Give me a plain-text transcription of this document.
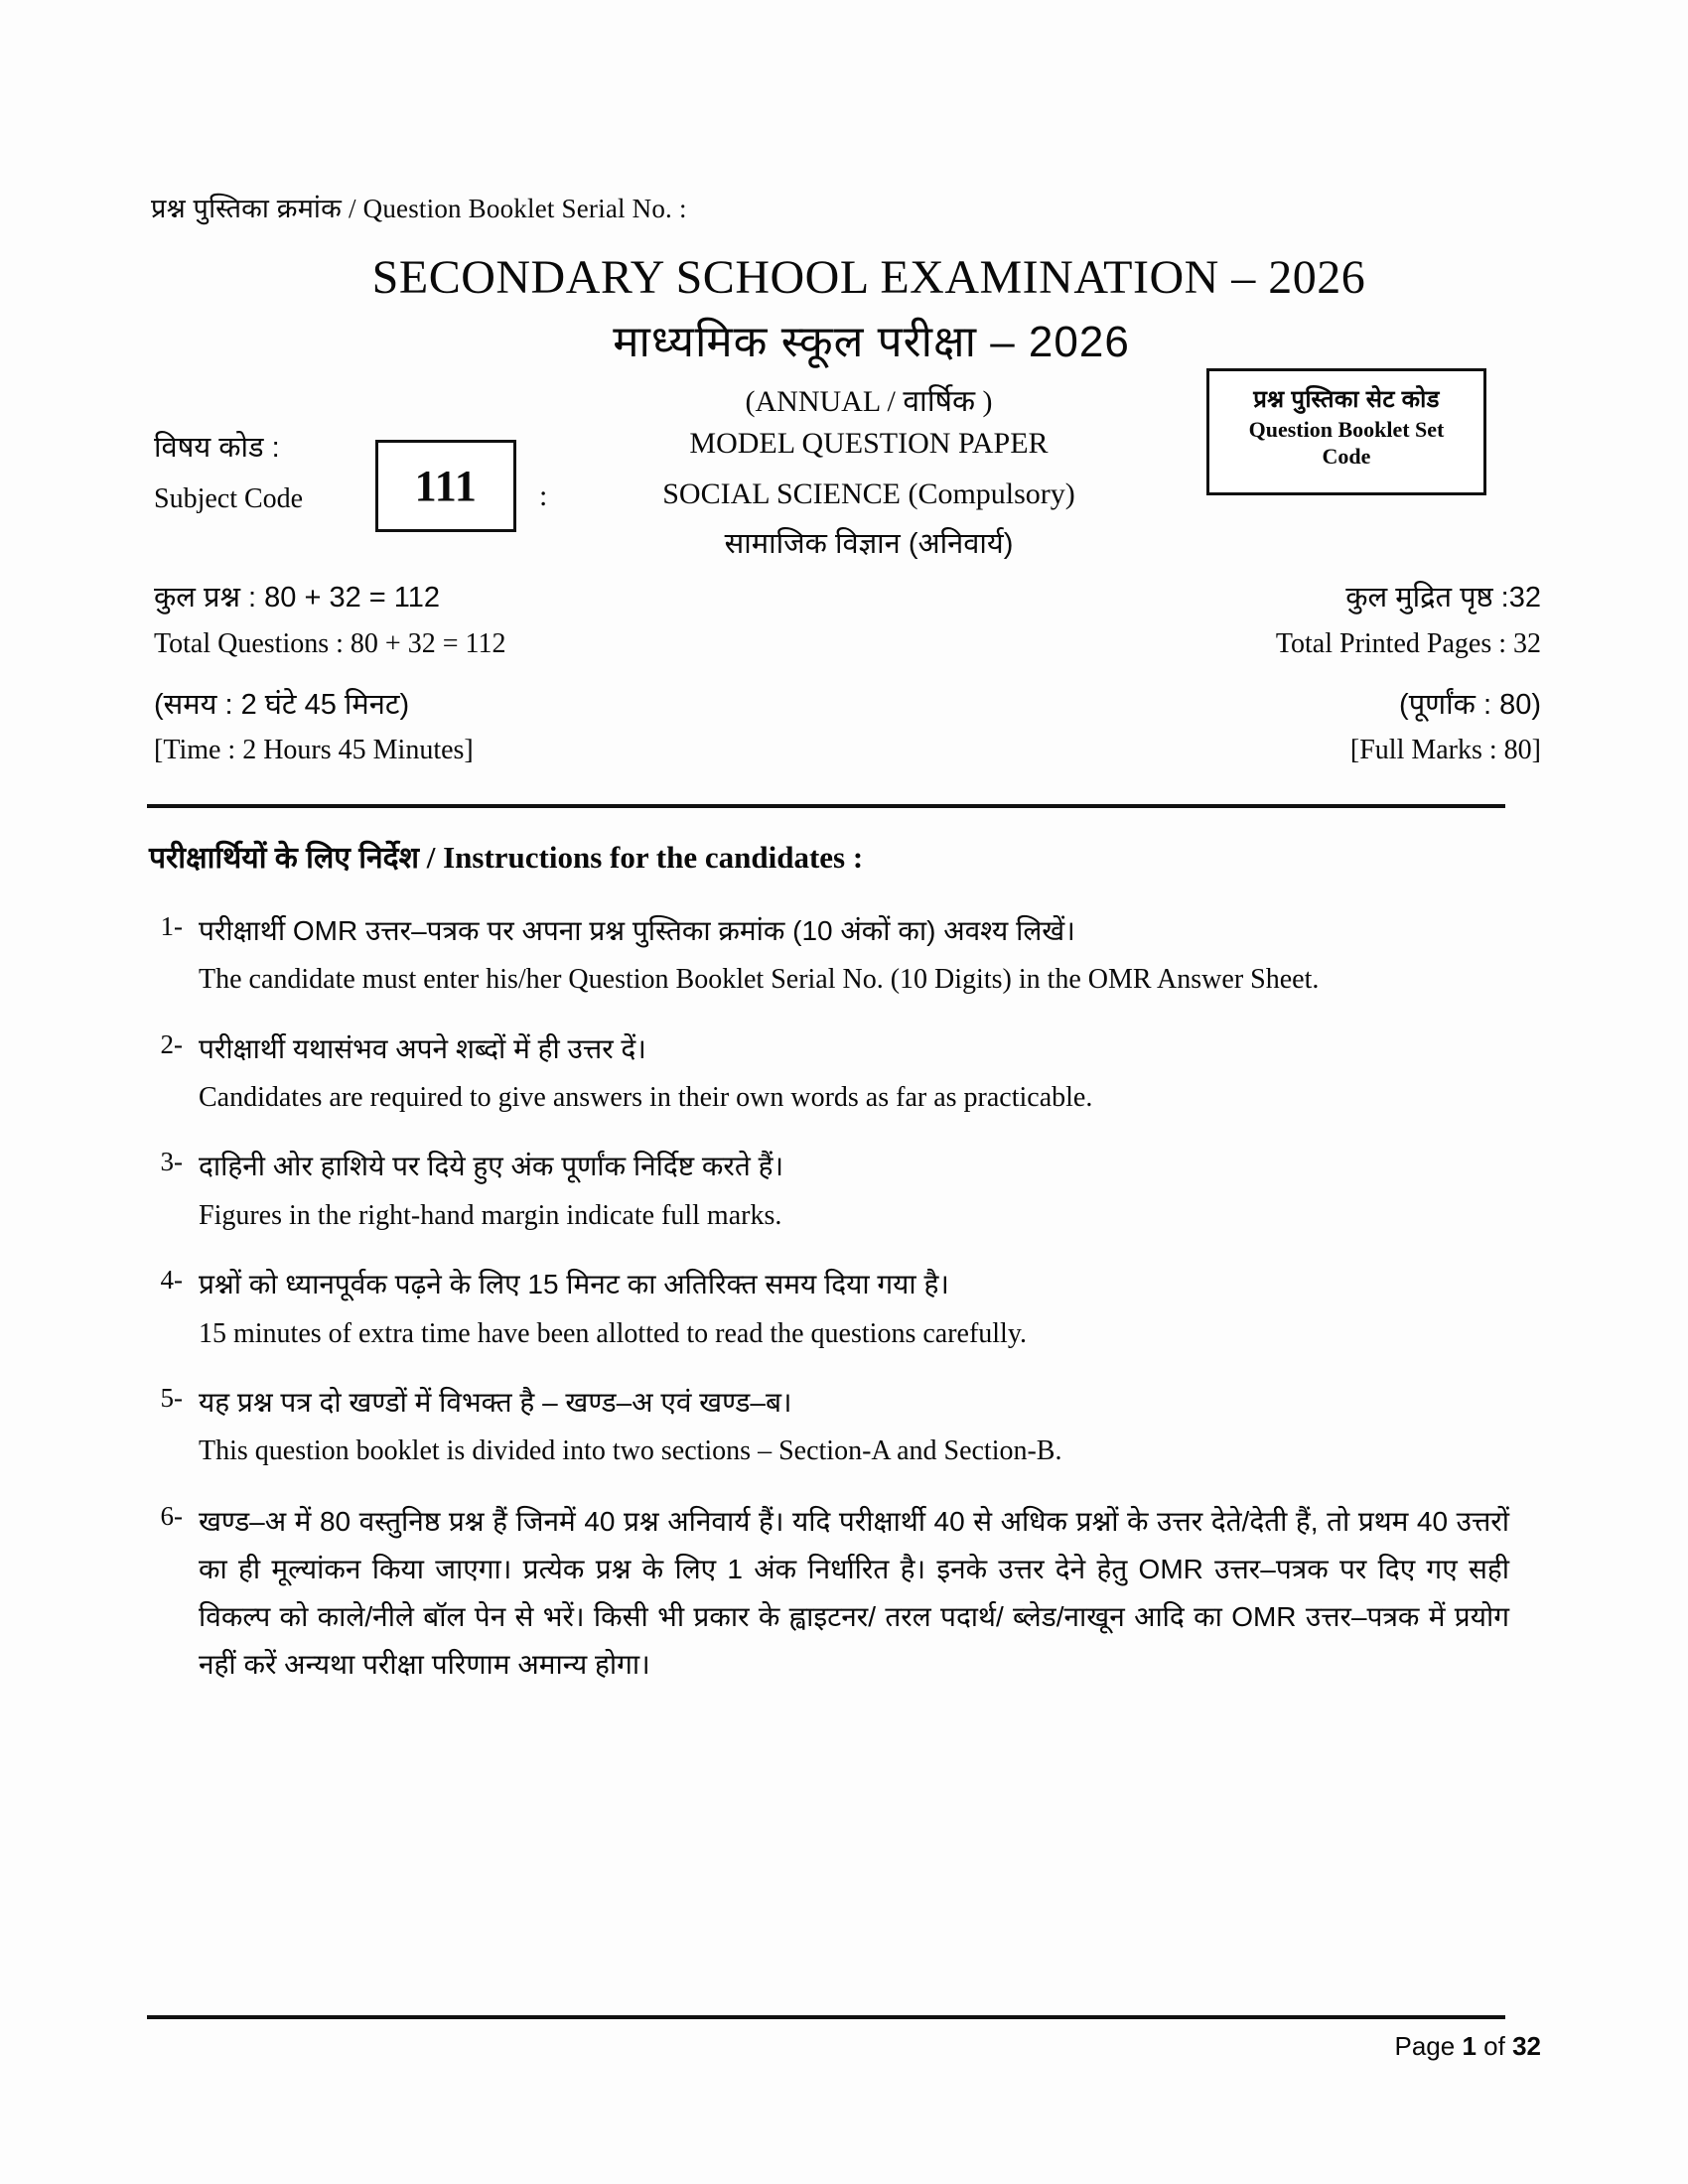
प्रश्न पुस्तिका क्रमांक / Question Booklet Serial No. :
SECONDARY SCHOOL EXAMINATION – 2026
माध्यमिक स्कूल परीक्षा – 2026
(ANNUAL / वार्षिक )
MODEL QUESTION PAPER
SOCIAL SCIENCE (Compulsory)
सामाजिक विज्ञान (अनिवार्य)
विषय कोड :
Subject Code	111 :
प्रश्न पुस्तिका सेट कोड
Question Booklet Set
Code
कुल प्रश्न : 80 + 32 = 112	कुल मुद्रित पृष्ठ :32
Total Questions : 80 + 32 = 112	Total Printed Pages : 32
(समय : 2 घंटे 45 मिनट)	(पूर्णांक : 80)
[Time : 2 Hours 45 Minutes]	[Full Marks : 80]
परीक्षार्थियों के लिए निर्देश / Instructions for the candidates :
1- परीक्षार्थी OMR उत्तर–पत्रक पर अपना प्रश्न पुस्तिका क्रमांक (10 अंकों का) अवश्य लिखें।
The candidate must enter his/her Question Booklet Serial No. (10 Digits) in the OMR Answer Sheet.
2- परीक्षार्थी यथासंभव अपने शब्दों में ही उत्तर दें।
Candidates are required to give answers in their own words as far as practicable.
3- दाहिनी ओर हाशिये पर दिये हुए अंक पूर्णांक निर्दिष्ट करते हैं।
Figures in the right-hand margin indicate full marks.
4- प्रश्नों को ध्यानपूर्वक पढ़ने के लिए 15 मिनट का अतिरिक्त समय दिया गया है।
15 minutes of extra time have been allotted to read the questions carefully.
5- यह प्रश्न पत्र दो खण्डों में विभक्त है – खण्ड–अ एवं खण्ड–ब।
This question booklet is divided into two sections – Section-A and Section-B.
6- खण्ड–अ में 80 वस्तुनिष्ठ प्रश्न हैं जिनमें 40 प्रश्न अनिवार्य हैं। यदि परीक्षार्थी 40 से अधिक प्रश्नों के उत्तर देते/देती हैं, तो प्रथम 40 उत्तरों का ही मूल्यांकन किया जाएगा। प्रत्येक प्रश्न के लिए 1 अंक निर्धारित है। इनके उत्तर देने हेतु OMR उत्तर–पत्रक पर दिए गए सही विकल्प को काले/नीले बॉल पेन से भरें। किसी भी प्रकार के ह्वाइटनर/ तरल पदार्थ/ ब्लेड/नाखून आदि का OMR उत्तर–पत्रक में प्रयोग नहीं करें अन्यथा परीक्षा परिणाम अमान्य होगा।
Page 1 of 32
